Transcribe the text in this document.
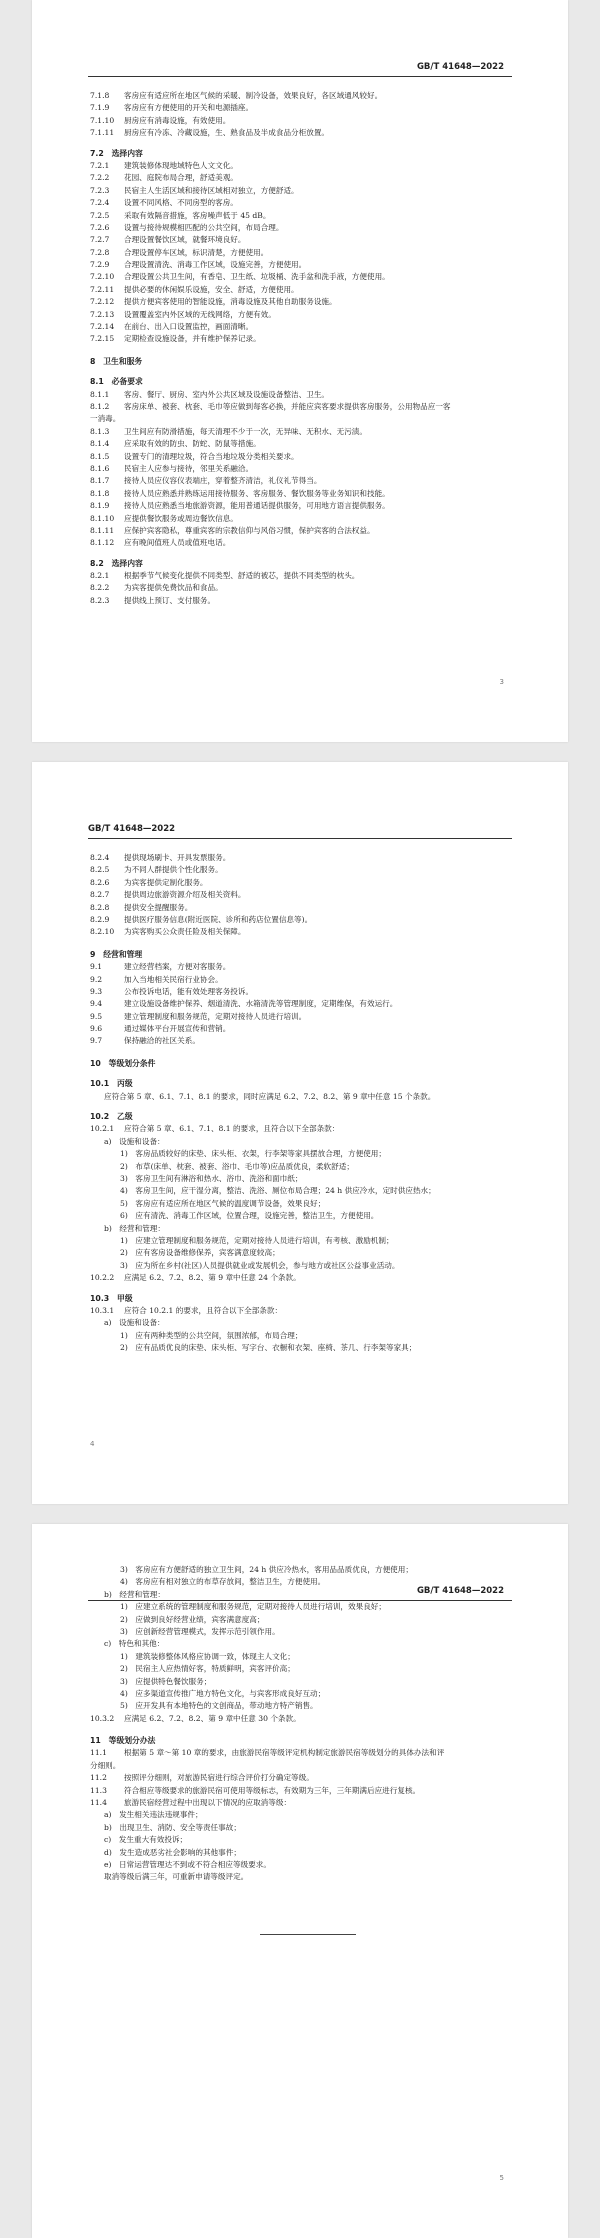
GB/T 41648—2022
7.1.8 客房应有适应所在地区气候的采暖、制冷设备，效果良好，各区域通风较好。
7.1.9 客房应有方便使用的开关和电源插座。
7.1.10 厨房应有消毒设施，有效使用。
7.1.11 厨房应有冷冻、冷藏设施，生、熟食品及半成食品分柜放置。
7.2　选择内容
7.2.1 建筑装修体现地域特色人文文化。
7.2.2 花园、庭院布局合理，舒适美观。
7.2.3 民宿主人生活区域和接待区域相对独立，方便舒适。
7.2.4 设置不同风格、不同房型的客房。
7.2.5 采取有效隔音措施，客房噪声低于 45 dB。
7.2.6 设置与接待规模相匹配的公共空间，布局合理。
7.2.7 合理设置餐饮区域，就餐环境良好。
7.2.8 合理设置停车区域，标识清楚，方便使用。
7.2.9 合理设置清洗、消毒工作区域，设施完善，方便使用。
7.2.10 合理设置公共卫生间，有香皂、卫生纸、垃圾桶、洗手盆和洗手液，方便使用。
7.2.11 提供必要的休闲娱乐设施，安全、舒适，方便使用。
7.2.12 提供方便宾客使用的智能设施，消毒设施及其他自助服务设施。
7.2.13 设置覆盖室内外区域的无线网络，方便有效。
7.2.14 在前台、出入口设置监控，画面清晰。
7.2.15 定期检查设施设备，并有维护保养记录。
8　卫生和服务
8.1　必备要求
8.1.1 客房、餐厅、厨房、室内外公共区域及设施设备整洁、卫生。
8.1.2 客房床单、被套、枕套、毛巾等应做到每客必换，并能应宾客要求提供客房服务，公用物品应一客
一消毒。
8.1.3 卫生间应有防滑措施，每天清理不少于一次，无异味、无积水、无污渍。
8.1.4 应采取有效的防虫、防蛇、防鼠等措施。
8.1.5 设置专门的清理垃圾，符合当地垃圾分类相关要求。
8.1.6 民宿主人应参与接待，邻里关系融洽。
8.1.7 接待人员应仪容仪表端庄，穿着整齐清洁，礼仪礼节得当。
8.1.8 接待人员应熟悉并熟练运用接待服务、客房服务、餐饮服务等业务知识和技能。
8.1.9 接待人员应熟悉当地旅游资源，能用普通话提供服务，可用地方语言提供服务。
8.1.10 应提供餐饮服务或周边餐饮信息。
8.1.11 应保护宾客隐私，尊重宾客的宗教信仰与风俗习惯，保护宾客的合法权益。
8.1.12 应有晚间值班人员或值班电话。
8.2　选择内容
8.2.1 根据季节气候变化提供不同类型、舒适的被芯，提供不同类型的枕头。
8.2.2 为宾客提供免费饮品和食品。
8.2.3 提供线上预订、支付服务。
3
GB/T 41648—2022
8.2.4 提供现场刷卡、开具发票服务。
8.2.5 为不同人群提供个性化服务。
8.2.6 为宾客提供定制化服务。
8.2.7 提供周边旅游资源介绍及相关资料。
8.2.8 提供安全提醒服务。
8.2.9 提供医疗服务信息(附近医院、诊所和药店位置信息等)。
8.2.10 为宾客购买公众责任险及相关保障。
9　经营和管理
9.1	建立经营档案，方便对客服务。
9.2	加入当地相关民宿行业协会。
9.3	公布投诉电话，能有效处理客务投诉。
9.4	建立设施设备维护保养、烟道清洗、水箱清洗等管理制度，定期维保，有效运行。
9.5	建立管理制度和服务规范，定期对接待人员进行培训。
9.6	通过媒体平台开展宣传和营销。
9.7	保持融洽的社区关系。
10　等级划分条件
10.1　丙级
应符合第 5 章、6.1、7.1、8.1 的要求，同时应满足 6.2、7.2、8.2、第 9 章中任意 15 个条款。
10.2　乙级
10.2.1 应符合第 5 章、6.1、7.1、8.1 的要求，且符合以下全部条款：
a)　设施和设备：
1)　客房品质较好的床垫、床头柜、衣架，行李架等家具摆放合理，方便使用；
2)　布草(床单、枕套、被套、浴巾、毛巾等)应品质优良，柔软舒适；
3)　客房卫生间有淋浴和热水、浴巾、洗浴和面巾纸；
4)　客房卫生间，应干湿分离，整洁、洗浴、厕位布局合理；24 h 供应冷水，定时供应热水；
5)　客房应有适应所在地区气候的温度调节设备，效果良好；
6)　应有清洗、消毒工作区域，位置合理，设施完善，整洁卫生，方便使用。
b)　经营和管理：
1)　应建立管理制度和服务规范，定期对接待人员进行培训，有考核、激励机制；
2)　应有客房设备维修保养，宾客满意度较高；
3)　应为所在乡村(社区)人员提供就业或发展机会，参与地方或社区公益事业活动。
10.2.2 应满足 6.2、7.2、8.2、第 9 章中任意 24 个条款。
10.3　甲级
10.3.1 应符合 10.2.1 的要求，且符合以下全部条款：
a)　设施和设备：
1)　应有两种类型的公共空间，氛围浓郁，布局合理；
2)　应有品质优良的床垫、床头柜、写字台、衣橱和衣架、座椅、茶几、行李架等家具；
4
GB/T 41648—2022
3)　客房应有方便舒适的独立卫生间，24 h 供应冷热水，客用品品质优良，方便使用；
4)　客房应有相对独立的布草存放间，整洁卫生，方便使用。
b)　经营和管理：
1)　应建立系统的管理制度和服务规范，定期对接待人员进行培训，效果良好；
2)　应做到良好经营业绩，宾客满意度高；
3)　应创新经营管理模式，发挥示范引领作用。
c)　特色和其他：
1)　建筑装修整体风格应协调一致，体现主人文化；
2)　民宿主人应热情好客，特质鲜明，宾客评价高；
3)　应提供特色餐饮服务；
4)　应多渠道宣传推广地方特色文化，与宾客形成良好互动；
5)　应开发具有本地特色的文创商品，带动地方特产销售。
10.3.2 应满足 6.2、7.2、8.2、第 9 章中任意 30 个条款。
11　等级划分办法
11.1 根据第 5 章～第 10 章的要求，由旅游民宿等级评定机构制定旅游民宿等级划分的具体办法和评
分细则。
11.2 按照评分细则，对旅游民宿进行综合评价打分确定等级。
11.3 符合相应等级要求的旅游民宿可使用等级标志，有效期为三年，三年期满后应进行复核。
11.4 旅游民宿经营过程中出现以下情况的应取消等级：
a)　发生相关违法违规事件；
b)　出现卫生、消防、安全等责任事故；
c)　发生重大有效投诉；
d)　发生造成恶劣社会影响的其他事件；
e)　日常运营管理达不到或不符合相应等级要求。
取消等级后满三年，可重新申请等级评定。
5
